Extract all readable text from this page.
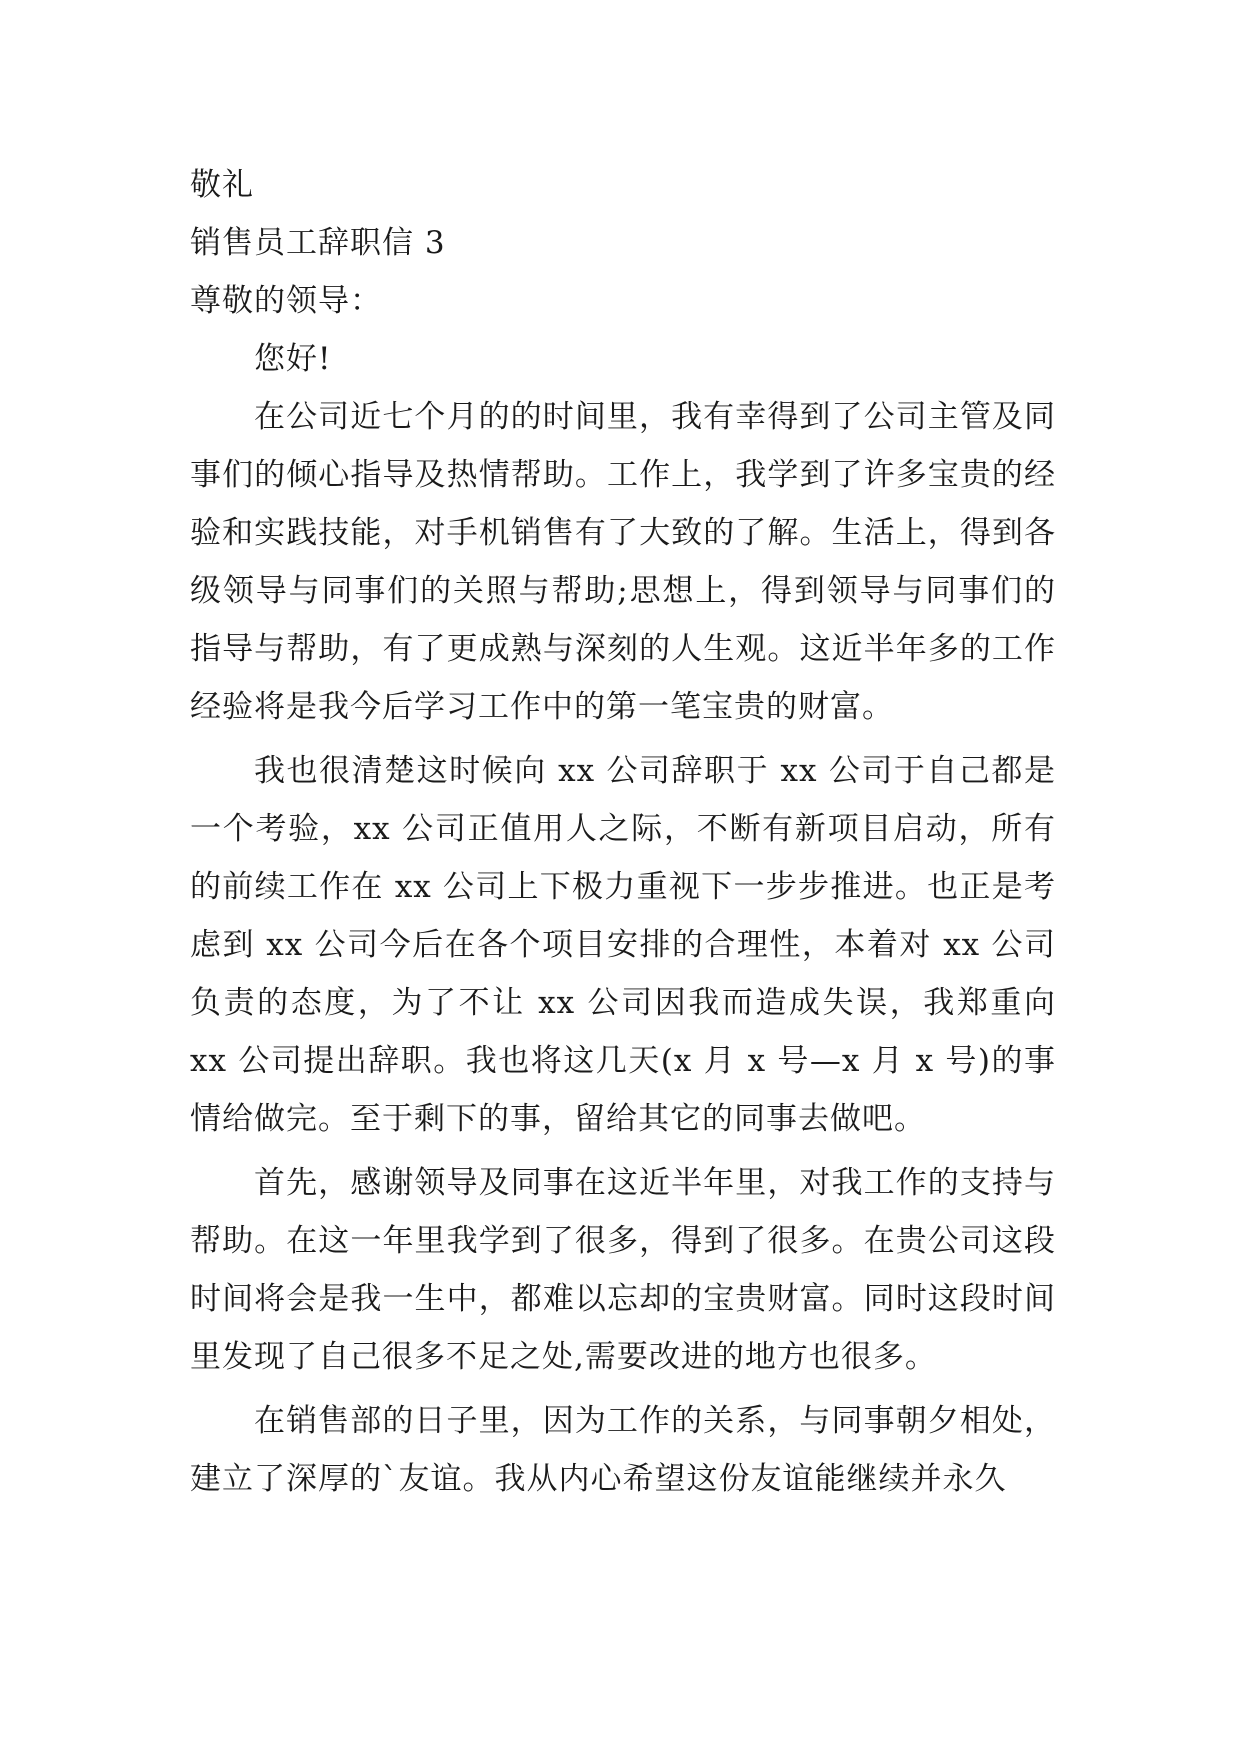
敬礼
销售员工辞职信 3
尊敬的领导：
您好!

在公司近七个月的的时间里，我有幸得到了公司主管及同事们的倾心指导及热情帮助。工作上，我学到了许多宝贵的经验和实践技能，对手机销售有了大致的了解。生活上，得到各级领导与同事们的关照与帮助;思想上，得到领导与同事们的指导与帮助，有了更成熟与深刻的人生观。这近半年多的工作经验将是我今后学习工作中的第一笔宝贵的财富。

我也很清楚这时候向 xx 公司辞职于 xx 公司于自己都是一个考验，xx 公司正值用人之际，不断有新项目启动，所有的前续工作在 xx 公司上下极力重视下一步步推进。也正是考虑到 xx 公司今后在各个项目安排的合理性，本着对 xx 公司负责的态度，为了不让 xx 公司因我而造成失误，我郑重向 xx 公司提出辞职。我也将这几天(x 月 x 号—x 月 x 号)的事情给做完。至于剩下的事，留给其它的同事去做吧。

首先，感谢领导及同事在这近半年里，对我工作的支持与帮助。在这一年里我学到了很多，得到了很多。在贵公司这段时间将会是我一生中，都难以忘却的宝贵财富。同时这段时间里发现了自己很多不足之处,需要改进的地方也很多。

在销售部的日子里，因为工作的关系，与同事朝夕相处，建立了深厚的`友谊。我从内心希望这份友谊能继续并永久
